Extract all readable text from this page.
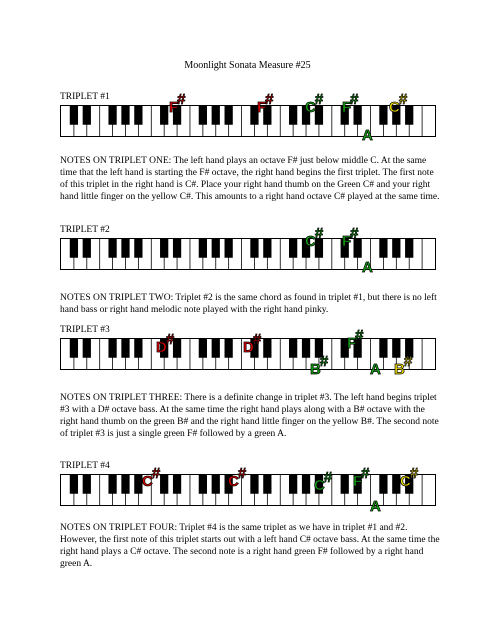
Moonlight Sonata Measure #25
TRIPLET #1
F#	F# C# F#
A
C#
NOTES ON TRIPLET ONE: The left hand plays an octave F# just below middle C. At the same time that the left hand is starting the F# octave, the right hand begins the first triplet. The first note of this triplet in the right hand is C#. Place your right hand thumb on the Green C# and your right hand little finger on the yellow C#. This amounts to a right hand octave C# played at the same time.
TRIPLET #2
C# F#
A
NOTES ON TRIPLET TWO: Triplet #2 is the same chord as found in triplet #1, but there is no left hand bass or right hand melodic note played with the right hand pinky.
TRIPLET #3
D#	D#
B#
F#
A B#
NOTES ON TRIPLET THREE: There is a definite change in triplet #3. The left hand begins triplet #3 with a D# octave bass. At the same time the right hand plays along with a B# octave with the right hand thumb on the green B# and the right hand little finger on the yellow B#. The second note of triplet #3 is just a single green F# followed by a green A.
TRIPLET #4
C#	C#
C# F#
A
C#
NOTES ON TRIPLET FOUR: Triplet #4 is the same triplet as we have in triplet #1 and #2. However, the first note of this triplet starts out with a left hand C# octave bass. At the same time the right hand plays a C# octave. The second note is a right hand green F# followed by a right hand green A.
